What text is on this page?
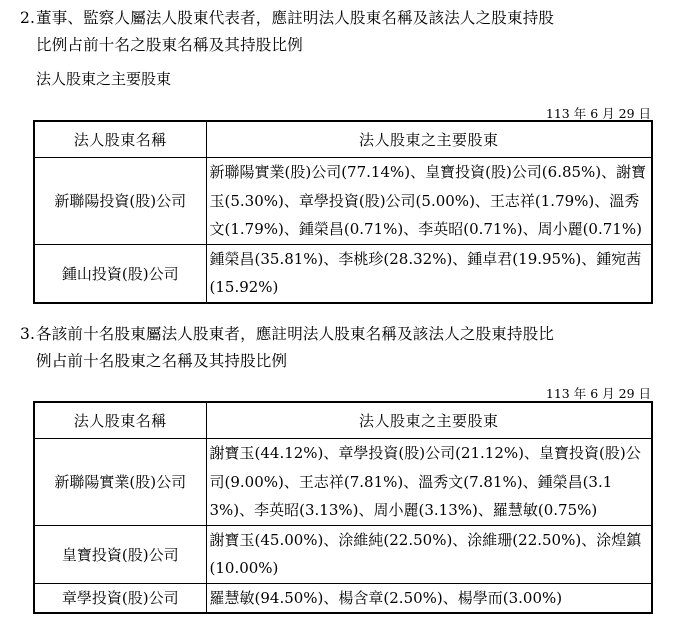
2.董事、監察人屬法人股東代表者，應註明法人股東名稱及該法人之股東持股
比例占前十名之股東名稱及其持股比例
法人股東之主要股東
113 年 6 月 29 日
法人股東名稱	法人股東之主要股東
新聯陽投資(股)公司	新聯陽實業(股)公司(77.14%)、皇寶投資(股)公司(6.85%)、謝寶玉(5.30%)、章學投資(股)公司(5.00%)、王志祥(1.79%)、溫秀文(1.79%)、鍾榮昌(0.71%)、李英昭(0.71%)、周小麗(0.71%)
鍾山投資(股)公司	鍾榮昌(35.81%)、李桃珍(28.32%)、鍾卓君(19.95%)、鍾宛茜(15.92%)
3.各該前十名股東屬法人股東者，應註明法人股東名稱及該法人之股東持股比
例占前十名股東之名稱及其持股比例
113 年 6 月 29 日
法人股東名稱	法人股東之主要股東
新聯陽實業(股)公司	謝寶玉(44.12%)、章學投資(股)公司(21.12%)、皇寶投資(股)公司(9.00%)、王志祥(7.81%)、溫秀文(7.81%)、鍾榮昌(3.13%)、李英昭(3.13%)、周小麗(3.13%)、羅慧敏(0.75%)
皇寶投資(股)公司	謝寶玉(45.00%)、涂維純(22.50%)、涂維珊(22.50%)、涂煌鎮(10.00%)
章學投資(股)公司	羅慧敏(94.50%)、楊含章(2.50%)、楊學而(3.00%)
